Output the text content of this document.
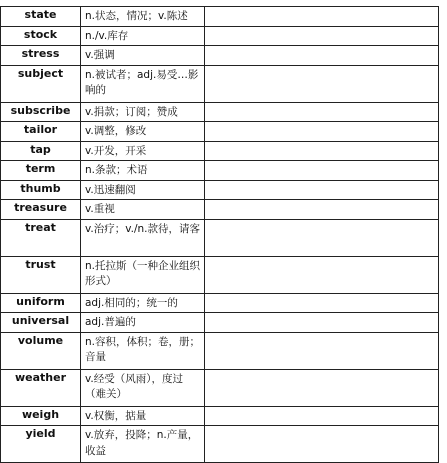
state	n.状态，情况；v.陈述	
stock	n./v.库存	
stress	v.强调	
subject	n.被试者；adj.易受…影响的	
subscribe	v.捐款；订阅；赞成	
tailor	v.调整，修改	
tap	v.开发，开采	
term	n.条款；术语	
thumb	v.迅速翻阅	
treasure	v.重视	
treat	v.治疗；v./n.款待，请客	
trust	n.托拉斯（一种企业组织形式）	
uniform	adj.相同的；统一的	
universal	adj.普遍的	
volume	n.容积，体积；卷，册；音量	
weather	v.经受（风雨），度过（难关）	
weigh	v.权衡，掂量	
yield	v.放弃，投降；n.产量，收益	
